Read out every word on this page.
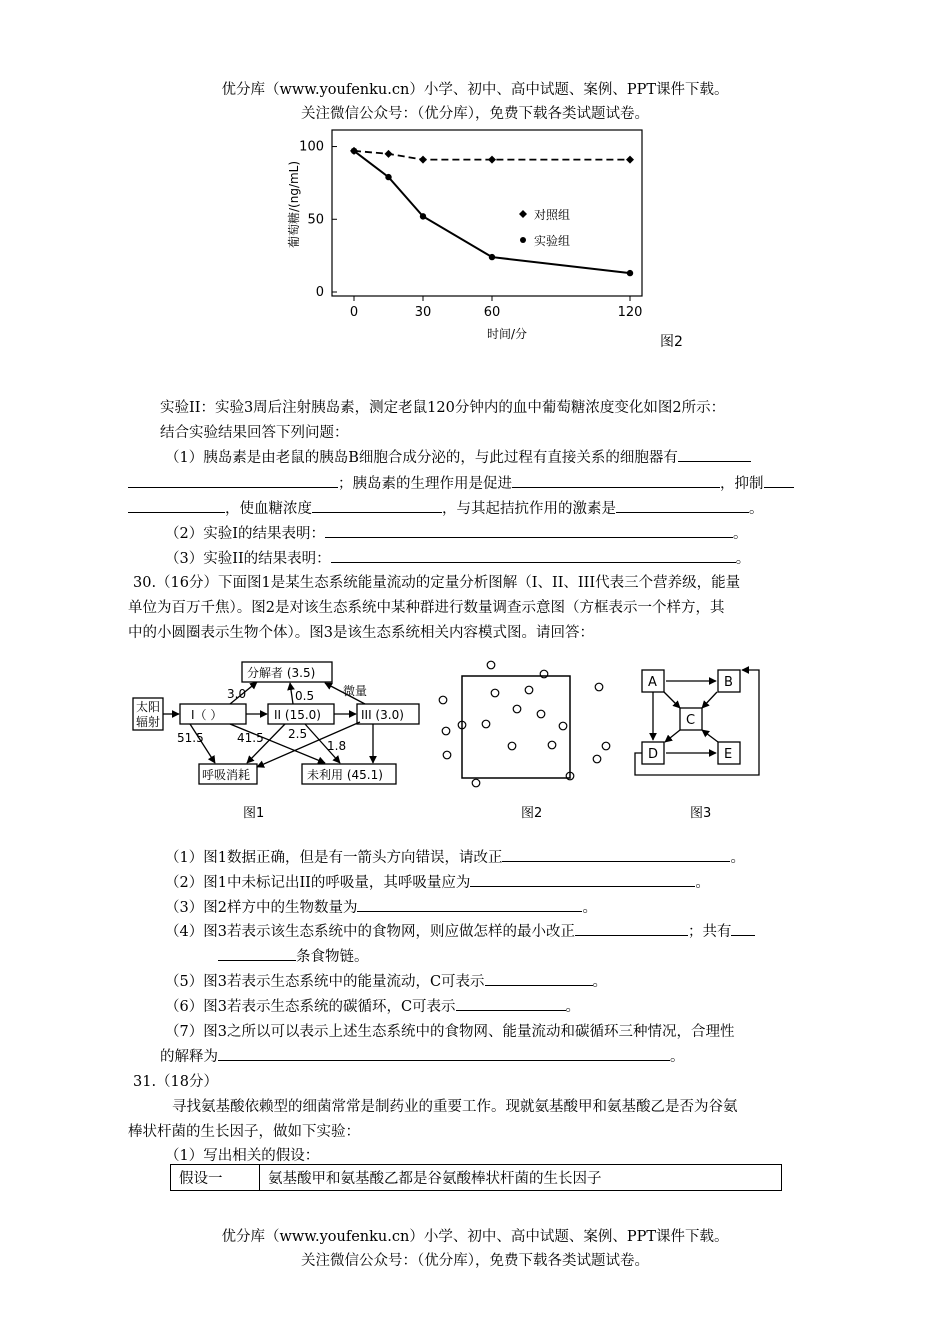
优分库（www.youfenku.cn）小学、初中、高中试题、案例、PPT课件下载。
关注微信公众号：（优分库），免费下载各类试题试卷。
0
50
100
0	30	60	120
葡萄糖/(ng/mL)
时间/分
对照组
实验组
图2
实验II：实验3周后注射胰岛素，测定老鼠120分钟内的血中葡萄糖浓度变化如图2所示：
结合实验结果回答下列问题：
（1）胰岛素是由老鼠的胰岛B细胞合成分泌的，与此过程有直接关系的细胞器有
；胰岛素的生理作用是促进	，抑制
，使血糖浓度	，与其起拮抗作用的激素是	。
（2）实验I的结果表明：	。
（3）实验II的结果表明：	。
30.（16分）下面图1是某生态系统能量流动的定量分析图解（I、II、III代表三个营养级，能量
单位为百万千焦）。图2是对该生态系统中某种群进行数量调查示意图（方框表示一个样方，其
中的小圆圈表示生物个体）。图3是该生态系统相关内容模式图。请回答：
太阳
辐射	I（ ）	II (15.0)	III (3.0)
分解者 (3.5)
呼吸消耗	未利用 (45.1)
微量
3.0	0.5
51.5	41.5 2.5
1.8
图1	图2
A	B
C
D	E
图3
（1）图1数据正确，但是有一箭头方向错误，请改正	。
（2）图1中未标记出II的呼吸量，其呼吸量应为	。
（3）图2样方中的生物数量为	。
（4）图3若表示该生态系统中的食物网，则应做怎样的最小改正	；共有
条食物链。
（5）图3若表示生态系统中的能量流动，C可表示	。
（6）图3若表示生态系统的碳循环，C可表示	。
（7）图3之所以可以表示上述生态系统中的食物网、能量流动和碳循环三种情况，合理性
的解释为	。
31.（18分）
寻找氨基酸依赖型的细菌常常是制药业的重要工作。现就氨基酸甲和氨基酸乙是否为谷氨
棒状杆菌的生长因子，做如下实验：
（1）写出相关的假设：
假设一	氨基酸甲和氨基酸乙都是谷氨酸棒状杆菌的生长因子
优分库（www.youfenku.cn）小学、初中、高中试题、案例、PPT课件下载。
关注微信公众号：（优分库），免费下载各类试题试卷。
